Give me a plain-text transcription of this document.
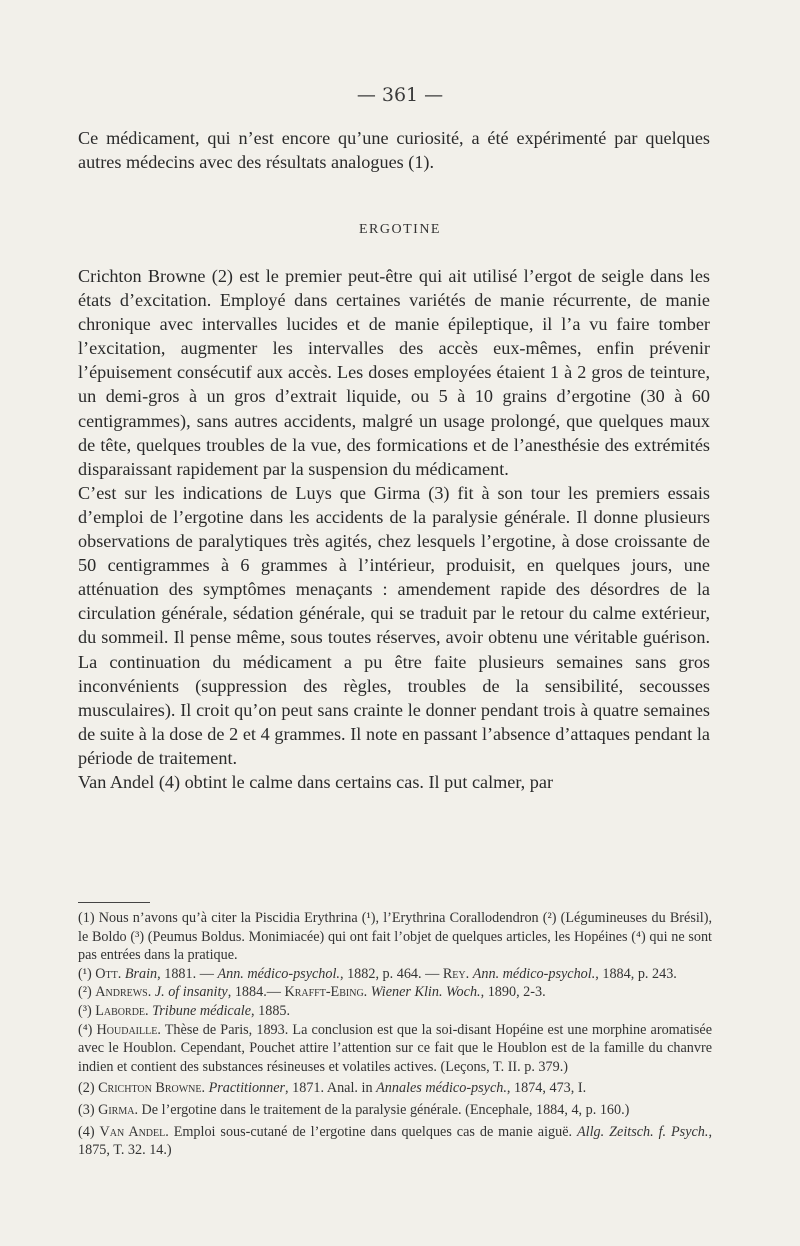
— 361 —

Ce médicament, qui n’est encore qu’une curiosité, a été expérimenté par quelques autres médecins avec des résultats analogues (1).

ERGOTINE

Crichton Browne (2) est le premier peut-être qui ait utilisé l’ergot de seigle dans les états d’excitation. Employé dans certaines variétés de manie récurrente, de manie chronique avec intervalles lucides et de manie épileptique, il l’a vu faire tomber l’excitation, augmenter les intervalles des accès eux-mêmes, enfin prévenir l’épuisement consécutif aux accès. Les doses employées étaient 1 à 2 gros de teinture, un demi-gros à un gros d’extrait liquide, ou 5 à 10 grains d’ergotine (30 à 60 centigrammes), sans autres accidents, malgré un usage prolongé, que quelques maux de tête, quelques troubles de la vue, des formications et de l’anesthésie des extrémités disparaissant rapidement par la suspension du médicament.

C’est sur les indications de Luys que Girma (3) fit à son tour les premiers essais d’emploi de l’ergotine dans les accidents de la paralysie générale. Il donne plusieurs observations de paralytiques très agités, chez lesquels l’ergotine, à dose croissante de 50 centigrammes à 6 grammes à l’intérieur, produisit, en quelques jours, une atténuation des symptômes menaçants : amendement rapide des désordres de la circulation générale, sédation générale, qui se traduit par le retour du calme extérieur, du sommeil. Il pense même, sous toutes réserves, avoir obtenu une véritable guérison. La continuation du médicament a pu être faite plusieurs semaines sans gros inconvénients (suppression des règles, troubles de la sensibilité, secousses musculaires). Il croit qu’on peut sans crainte le donner pendant trois à quatre semaines de suite à la dose de 2 et 4 grammes. Il note en passant l’absence d’attaques pendant la période de traitement.

Van Andel (4) obtint le calme dans certains cas. Il put calmer, par

(1) Nous n’avons qu’à citer la Piscidia Erythrina (¹), l’Erythrina Corallodendron (²) (Légumineuses du Brésil), le Boldo (³) (Peumus Boldus. Monimiacée) qui ont fait l’objet de quelques articles, les Hopéines (⁴) qui ne sont pas entrées dans la pratique.

(¹) Ott. Brain, 1881. — Ann. médico-psychol., 1882, p. 464. — Rey. Ann. médico-psychol., 1884, p. 243.

(²) Andrews. J. of insanity, 1884.— Krafft-Ebing. Wiener Klin. Woch., 1890, 2-3.

(³) Laborde. Tribune médicale, 1885.

(⁴) Houdaille. Thèse de Paris, 1893. La conclusion est que la soi-disant Hopéine est une morphine aromatisée avec le Houblon. Cependant, Pouchet attire l’attention sur ce fait que le Houblon est de la famille du chanvre indien et contient des substances résineuses et volatiles actives. (Leçons, T. II. p. 379.)

(2) Crichton Browne. Practitionner, 1871. Anal. in Annales médico-psych., 1874, 473, I.

(3) Girma. De l’ergotine dans le traitement de la paralysie générale. (Encephale, 1884, 4, p. 160.)

(4) Van Andel. Emploi sous-cutané de l’ergotine dans quelques cas de manie aiguë. Allg. Zeitsch. f. Psych., 1875, T. 32. 14.)
